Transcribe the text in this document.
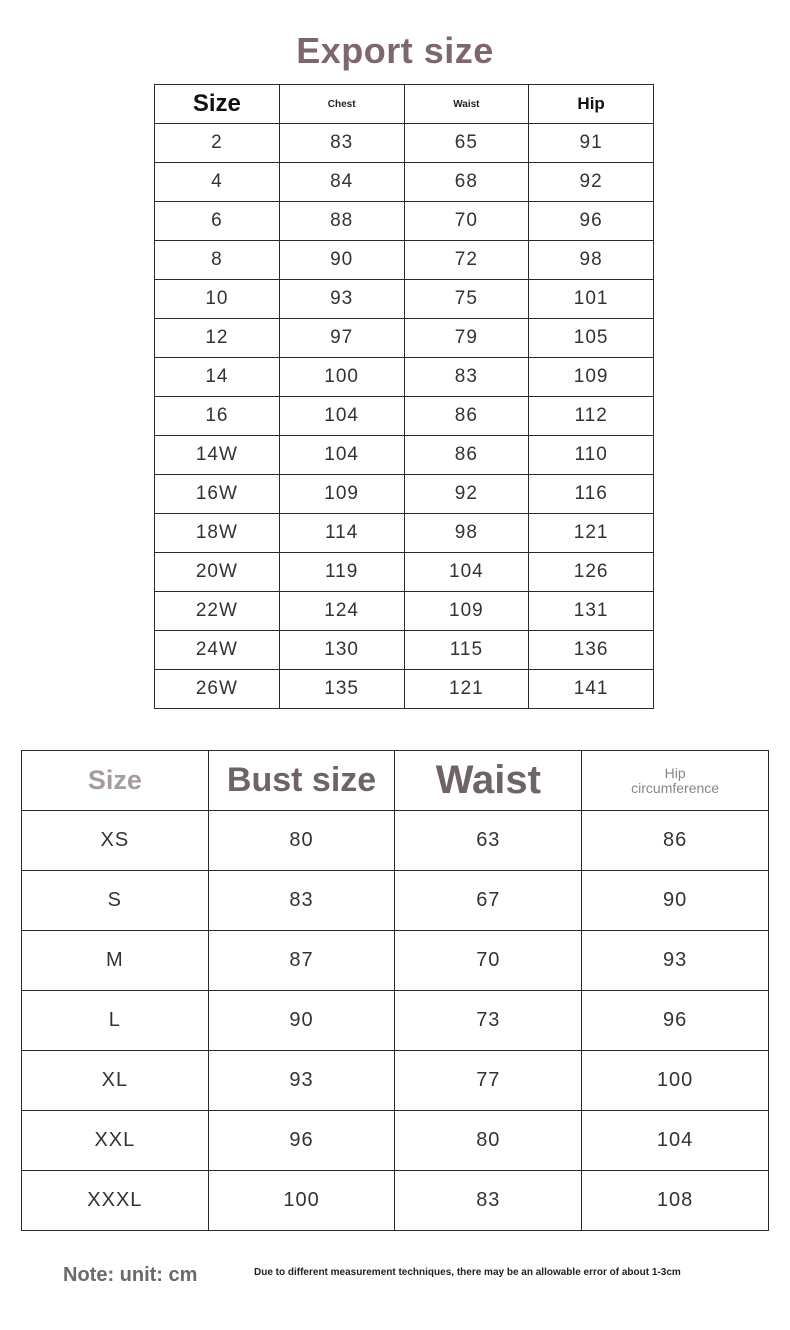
Export size
Size	Chest	Waist	Hip
2	83	65	91
4	84	68	92
6	88	70	96
8	90	72	98
10	93	75	101
12	97	79	105
14	100	83	109
16	104	86	112
14W	104	86	110
16W	109	92	116
18W	114	98	121
20W	119	104	126
22W	124	109	131
24W	130	115	136
26W	135	121	141
Size	Bust size	Waist	Hip
circumference
XS	80	63	86
S	83	67	90
M	87	70	93
L	90	73	96
XL	93	77	100
XXL	96	80	104
XXXL	100	83	108
Note: unit: cm	Due to different measurement techniques, there may be an allowable error of about 1-3cm
